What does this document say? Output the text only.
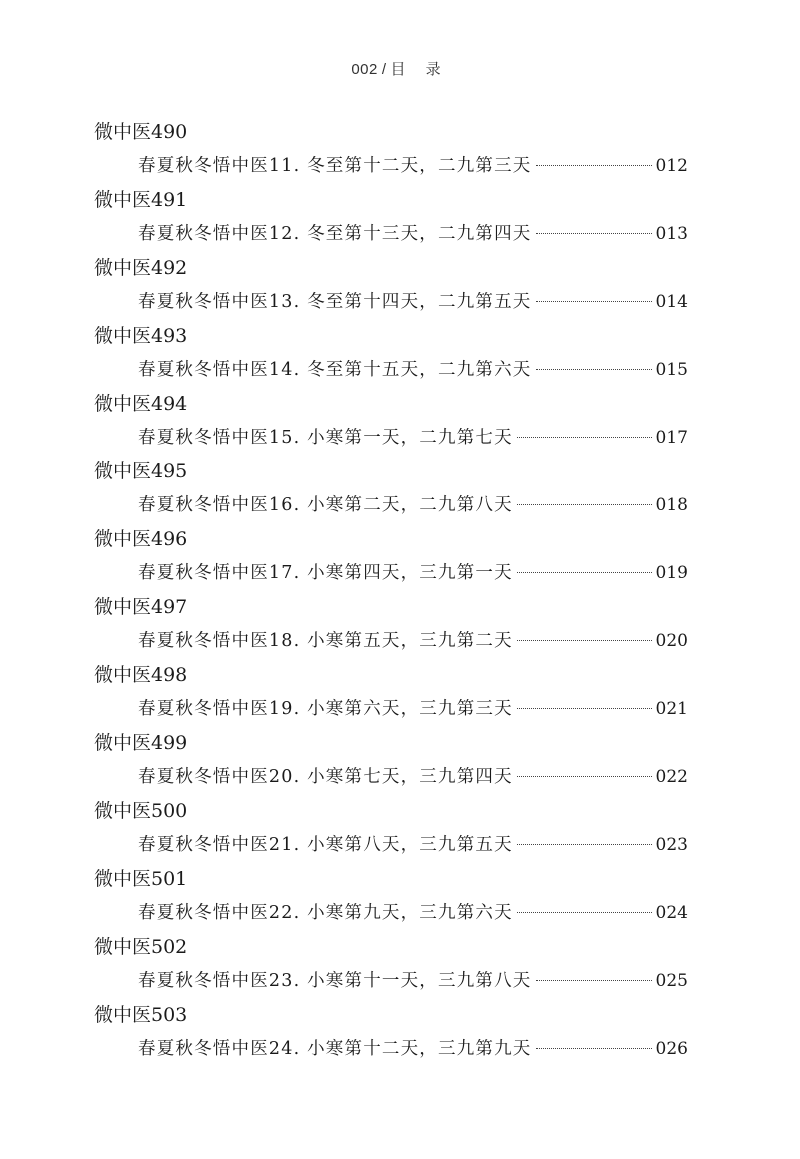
002 / 目 录
微中医490
春夏秋冬悟中医11. 冬至第十二天，二九第三天	012
微中医491
春夏秋冬悟中医12. 冬至第十三天，二九第四天	013
微中医492
春夏秋冬悟中医13. 冬至第十四天，二九第五天	014
微中医493
春夏秋冬悟中医14. 冬至第十五天，二九第六天	015
微中医494
春夏秋冬悟中医15. 小寒第一天，二九第七天	017
微中医495
春夏秋冬悟中医16. 小寒第二天，二九第八天	018
微中医496
春夏秋冬悟中医17. 小寒第四天，三九第一天	019
微中医497
春夏秋冬悟中医18. 小寒第五天，三九第二天	020
微中医498
春夏秋冬悟中医19. 小寒第六天，三九第三天	021
微中医499
春夏秋冬悟中医20. 小寒第七天，三九第四天	022
微中医500
春夏秋冬悟中医21. 小寒第八天，三九第五天	023
微中医501
春夏秋冬悟中医22. 小寒第九天，三九第六天	024
微中医502
春夏秋冬悟中医23. 小寒第十一天，三九第八天	025
微中医503
春夏秋冬悟中医24. 小寒第十二天，三九第九天	026
